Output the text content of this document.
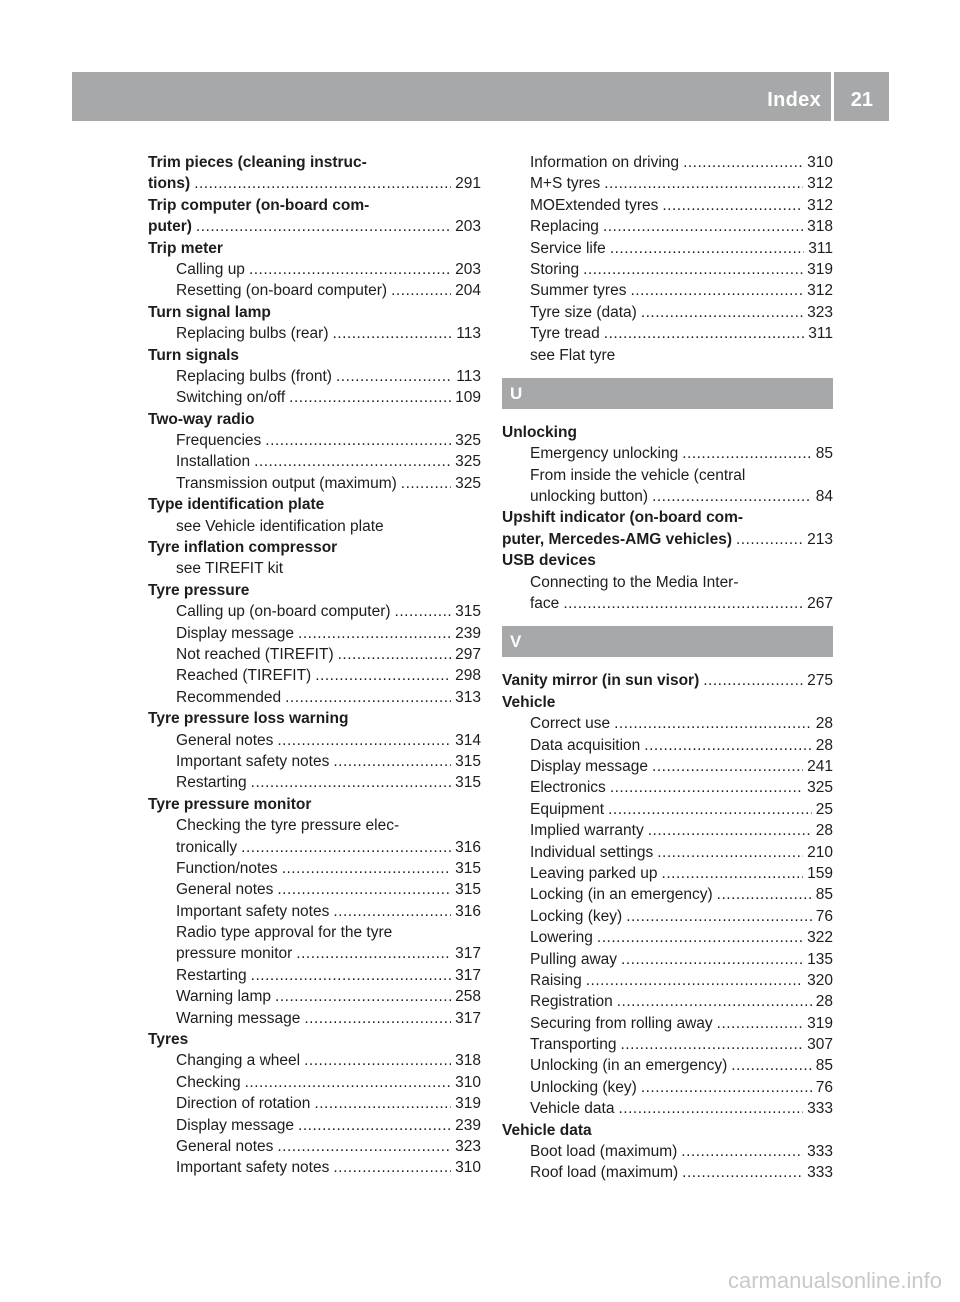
Index 21
Trim pieces (cleaning instruc-
tions) .....	291
Trip computer (on-board com-
puter) .....	203
Trip meter
Calling up .....	203
Resetting (on-board computer) .....	204
Turn signal lamp
Replacing bulbs (rear) .....	113
Turn signals
Replacing bulbs (front) .....	113
Switching on/off .....	109
Two-way radio
Frequencies .....	325
Installation .....	325
Transmission output (maximum) .....	325
Type identification plate
see Vehicle identification plate
Tyre inflation compressor
see TIREFIT kit
Tyre pressure
Calling up (on-board computer) .....	315
Display message .....	239
Not reached (TIREFIT) .....	297
Reached (TIREFIT) .....	298
Recommended .....	313
Tyre pressure loss warning
General notes .....	314
Important safety notes .....	315
Restarting .....	315
Tyre pressure monitor
Checking the tyre pressure elec-
tronically .....	316
Function/notes .....	315
General notes .....	315
Important safety notes .....	316
Radio type approval for the tyre
pressure monitor .....	317
Restarting .....	317
Warning lamp .....	258
Warning message .....	317
Tyres
Changing a wheel .....	318
Checking .....	310
Direction of rotation .....	319
Display message .....	239
General notes .....	323
Important safety notes .....	310
Information on driving .....	310
M+S tyres .....	312
MOExtended tyres .....	312
Replacing .....	318
Service life .....	311
Storing .....	319
Summer tyres .....	312
Tyre size (data) .....	323
Tyre tread .....	311
see Flat tyre
U
Unlocking
Emergency unlocking .....	85
From inside the vehicle (central
unlocking button) .....	84
Upshift indicator (on-board com-
puter, Mercedes-AMG vehicles) .....	213
USB devices
Connecting to the Media Inter-
face .....	267
V
Vanity mirror (in sun visor) .....	275
Vehicle
Correct use .....	28
Data acquisition .....	28
Display message .....	241
Electronics .....	325
Equipment .....	25
Implied warranty .....	28
Individual settings .....	210
Leaving parked up .....	159
Locking (in an emergency) .....	85
Locking (key) .....	76
Lowering .....	322
Pulling away .....	135
Raising .....	320
Registration .....	28
Securing from rolling away .....	319
Transporting .....	307
Unlocking (in an emergency) .....	85
Unlocking (key) .....	76
Vehicle data .....	333
Vehicle data
Boot load (maximum) .....	333
Roof load (maximum) .....	333
carmanualsonline.info
